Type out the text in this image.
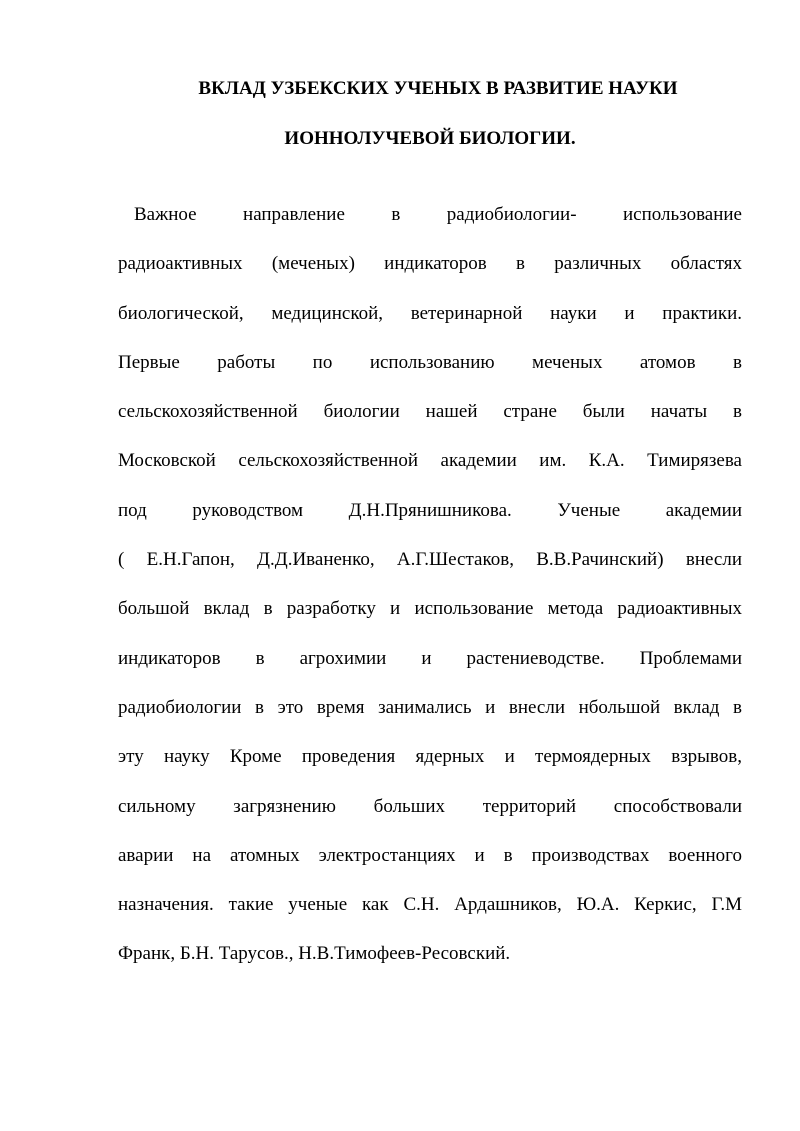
ВКЛАД УЗБЕКСКИХ УЧЕНЫХ В РАЗВИТИЕ НАУКИ
ИОННОЛУЧЕВОЙ БИОЛОГИИ.
Важное направление в радиобиологии- использование
радиоактивных (меченых) индикаторов в различных областях
биологической, медицинской, ветеринарной науки и практики.
Первые работы по использованию меченых атомов в
сельскохозяйственной биологии нашей стране были начаты в
Московской сельскохозяйственной академии им. К.А. Тимирязева
под руководством Д.Н.Прянишникова. Ученые академии
( Е.Н.Гапон, Д.Д.Иваненко, А.Г.Шестаков, В.В.Рачинский) внесли
большой вклад в разработку и использование метода радиоактивных
индикаторов в агрохимии и растениеводстве. Проблемами
радиобиологии в это время занимались и внесли нбольшой вклад в
эту науку Кроме проведения ядерных и термоядерных взрывов,
сильному загрязнению больших территорий способствовали
аварии на атомных электростанциях и в производствах военного
назначения. такие ученые как С.Н. Ардашников, Ю.А. Керкис, Г.М
Франк, Б.Н. Тарусов., Н.В.Тимофеев-Ресовский.
